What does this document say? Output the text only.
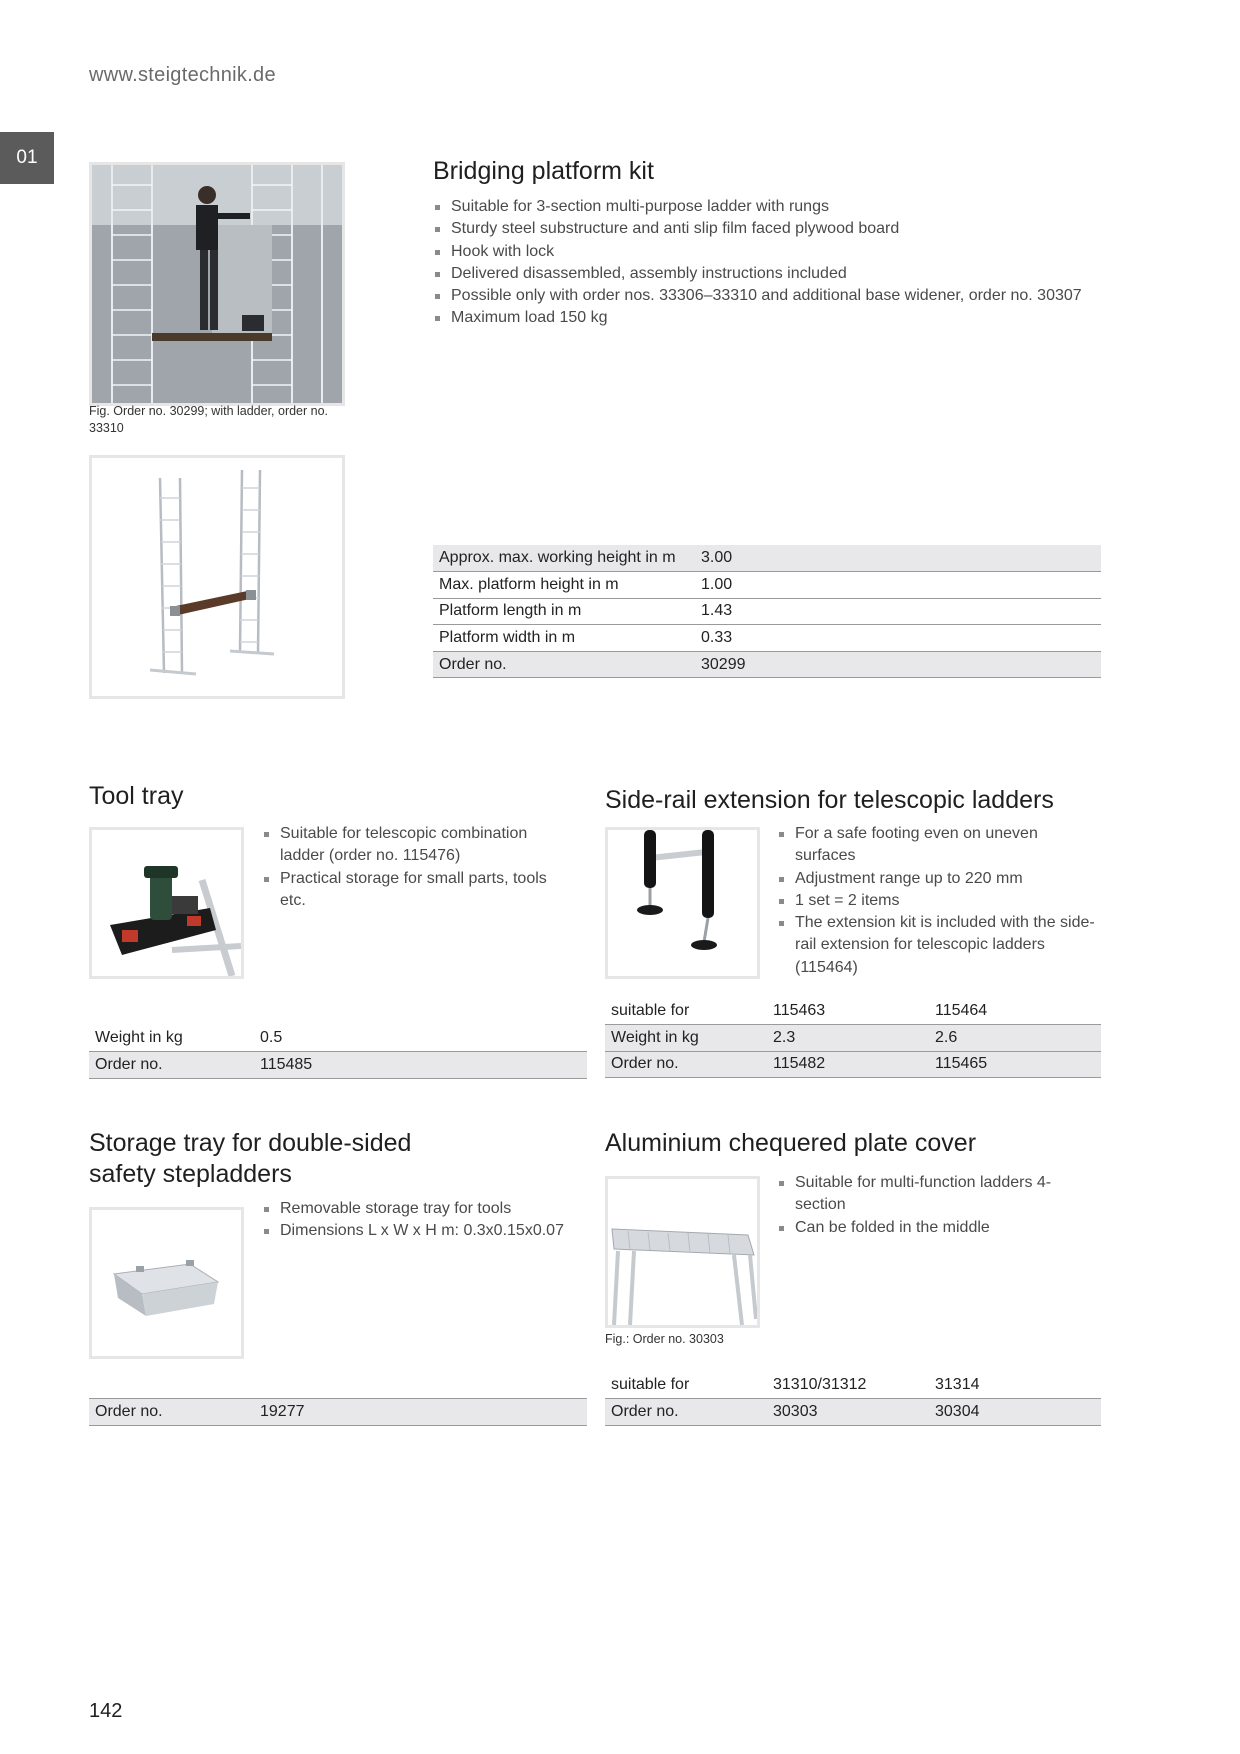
www.steigtechnik.de
01
Fig. Order no. 30299; with ladder, order no. 33310
Bridging platform kit
Suitable for 3-section multi-purpose ladder with rungs
Sturdy steel substructure and anti slip film faced plywood board
Hook with lock
Delivered disassembled, assembly instructions included
Possible only with order nos. 33306–33310 and additional base widener, order no. 30307
Maximum load 150 kg
Approx. max. working height in m	3.00
Max. platform height in m	1.00
Platform length in m	1.43
Platform width in m	0.33
Order no.	30299
Tool tray
Suitable for telescopic combination ladder (order no. 115476)
Practical storage for small parts, tools etc.
Weight in kg	0.5
Order no.	115485
Side-rail extension for telescopic ladders
For a safe footing even on uneven surfaces
Adjustment range up to 220 mm
1 set = 2 items
The extension kit is included with the side-rail extension for telescopic ladders (115464)
suitable for	115463	115464
Weight in kg	2.3	2.6
Order no.	115482	115465
Storage tray for double-sided
safety stepladders
Removable storage tray for tools
Dimensions L x W x H m: 0.3x0.15x0.07
Order no.	19277
Aluminium chequered plate cover
Fig.: Order no. 30303
Suitable for multi-function ladders 4-section
Can be folded in the middle
suitable for	31310/31312	31314
Order no.	30303	30304
142
